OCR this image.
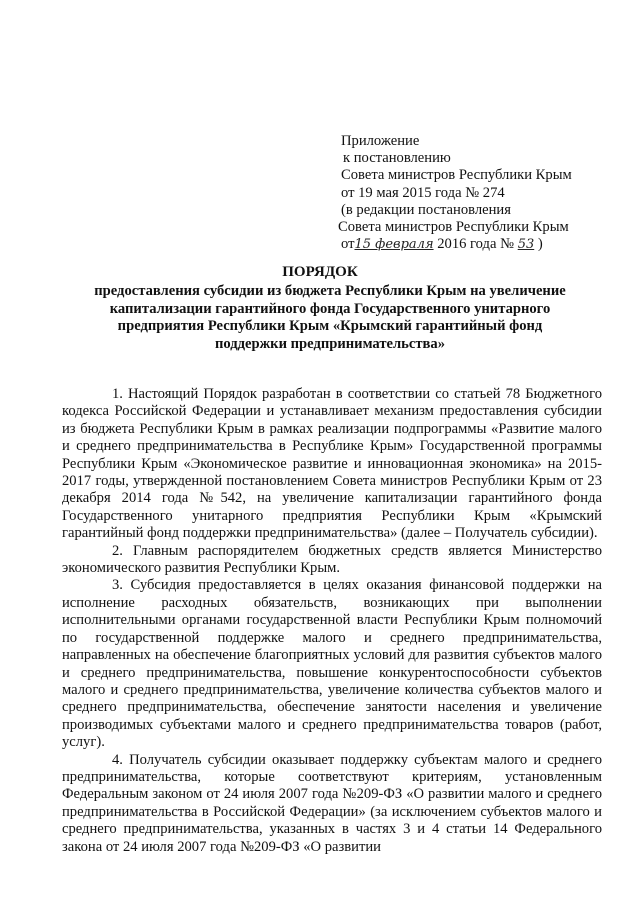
Приложение
к постановлению
Совета министров Республики Крым
от 19 мая 2015 года № 274
(в редакции постановления
Совета министров Республики Крым
от15 февраля 2016 года № 53 )
ПОРЯДОК
предоставления субсидии из бюджета Республики Крым на увеличение капитализации гарантийного фонда Государственного унитарного предприятия Республики Крым «Крымский гарантийный фонд поддержки предпринимательства»

1. Настоящий Порядок разработан в соответствии со статьей 78 Бюджетного кодекса Российской Федерации и устанавливает механизм предоставления субсидии из бюджета Республики Крым в рамках реализации подпрограммы «Развитие малого и среднего предпринимательства в Республике Крым» Государственной программы Республики Крым «Экономическое развитие и инновационная экономика» на 2015-2017 годы, утвержденной постановлением Совета министров Республики Крым от 23 декабря 2014 года №542, на увеличение капитализации гарантийного фонда Государственного унитарного предприятия Республики Крым «Крымский гарантийный фонд поддержки предпринимательства» (далее – Получатель субсидии).

2. Главным распорядителем бюджетных средств является Министерство экономического развития Республики Крым.

3. Субсидия предоставляется в целях оказания финансовой поддержки на исполнение расходных обязательств, возникающих при выполнении исполнительными органами государственной власти Республики Крым полномочий по государственной поддержке малого и среднего предпринимательства, направленных на обеспечение благоприятных условий для развития субъектов малого и среднего предпринимательства, повышение конкурентоспособности субъектов малого и среднего предпринимательства, увеличение количества субъектов малого и среднего предпринимательства, обеспечение занятости населения и увеличение производимых субъектами малого и среднего предпринимательства товаров (работ, услуг).

4. Получатель субсидии оказывает поддержку субъектам малого и среднего предпринимательства, которые соответствуют критериям, установленным Федеральным законом от 24 июля 2007 года №209-ФЗ «О развитии малого и среднего предпринимательства в Российской Федерации» (за исключением субъектов малого и среднего предпринимательства, указанных в частях 3 и 4 статьи 14 Федерального закона от 24 июля 2007 года №209-ФЗ «О развитии
